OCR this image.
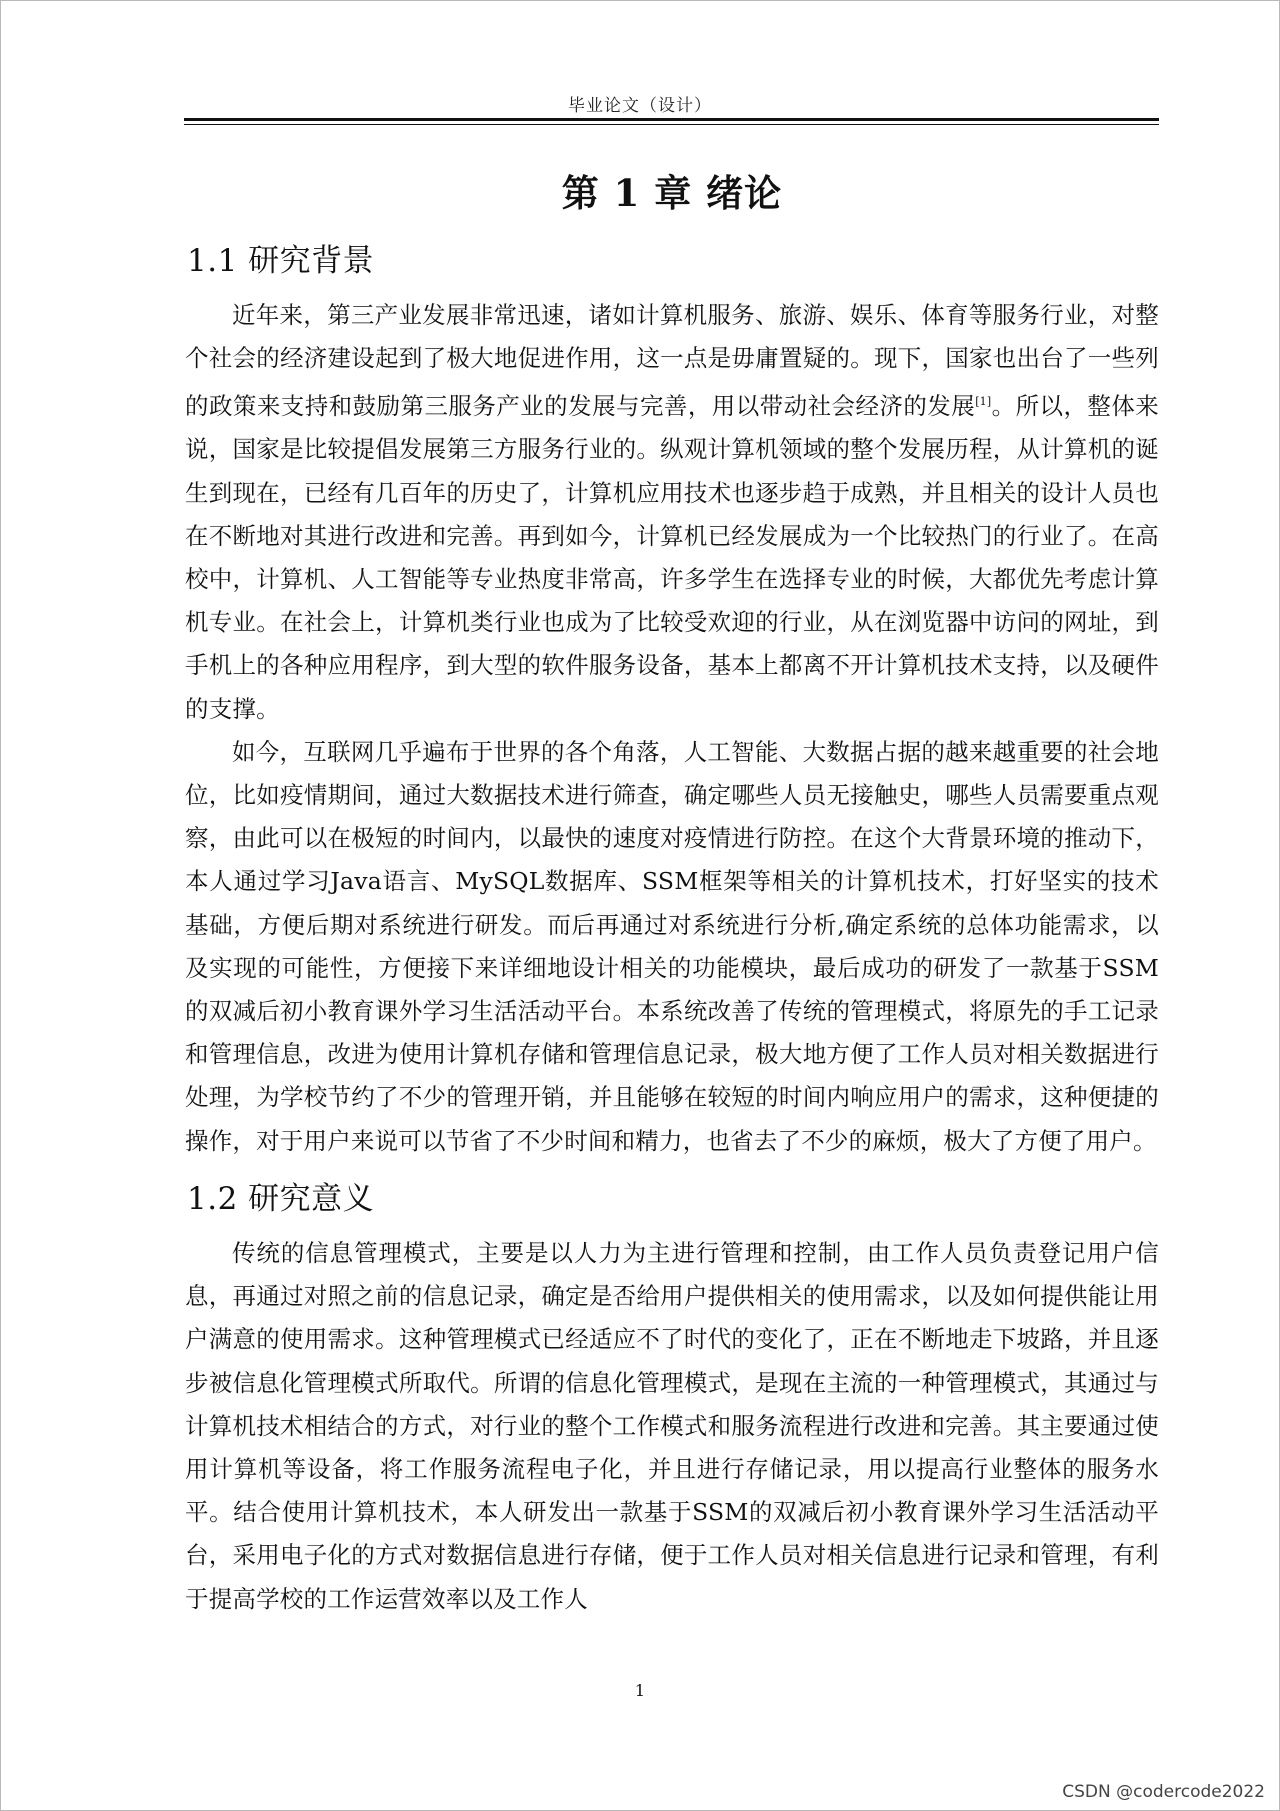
毕业论文（设计）
第 1 章 绪论
1.1 研究背景

近年来，第三产业发展非常迅速，诸如计算机服务、旅游、娱乐、体育等服务行业，对整个社会的经济建设起到了极大地促进作用，这一点是毋庸置疑的。现下，国家也出台了一些列的政策来支持和鼓励第三服务产业的发展与完善，用以带动社会经济的发展[1]。所以，整体来说，国家是比较提倡发展第三方服务行业的。纵观计算机领域的整个发展历程，从计算机的诞生到现在，已经有几百年的历史了，计算机应用技术也逐步趋于成熟，并且相关的设计人员也在不断地对其进行改进和完善。再到如今，计算机已经发展成为一个比较热门的行业了。在高校中，计算机、人工智能等专业热度非常高，许多学生在选择专业的时候，大都优先考虑计算机专业。在社会上，计算机类行业也成为了比较受欢迎的行业，从在浏览器中访问的网址，到手机上的各种应用程序，到大型的软件服务设备，基本上都离不开计算机技术支持，以及硬件的支撑。

如今，互联网几乎遍布于世界的各个角落，人工智能、大数据占据的越来越重要的社会地位，比如疫情期间，通过大数据技术进行筛查，确定哪些人员无接触史，哪些人员需要重点观察，由此可以在极短的时间内，以最快的速度对疫情进行防控。在这个大背景环境的推动下，本人通过学习Java语言、MySQL数据库、SSM框架等相关的计算机技术，打好坚实的技术基础，方便后期对系统进行研发。而后再通过对系统进行分析,确定系统的总体功能需求，以及实现的可能性，方便接下来详细地设计相关的功能模块，最后成功的研发了一款基于SSM的双减后初小教育课外学习生活活动平台。本系统改善了传统的管理模式，将原先的手工记录和管理信息，改进为使用计算机存储和管理信息记录，极大地方便了工作人员对相关数据进行处理，为学校节约了不少的管理开销，并且能够在较短的时间内响应用户的需求，这种便捷的操作，对于用户来说可以节省了不少时间和精力，也省去了不少的麻烦，极大了方便了用户。

1.2 研究意义

传统的信息管理模式，主要是以人力为主进行管理和控制，由工作人员负责登记用户信息，再通过对照之前的信息记录，确定是否给用户提供相关的使用需求，以及如何提供能让用户满意的使用需求。这种管理模式已经适应不了时代的变化了，正在不断地走下坡路，并且逐步被信息化管理模式所取代。所谓的信息化管理模式，是现在主流的一种管理模式，其通过与计算机技术相结合的方式，对行业的整个工作模式和服务流程进行改进和完善。其主要通过使用计算机等设备，将工作服务流程电子化，并且进行存储记录，用以提高行业整体的服务水平。结合使用计算机技术，本人研发出一款基于SSM的双减后初小教育课外学习生活活动平台，采用电子化的方式对数据信息进行存储，便于工作人员对相关信息进行记录和管理，有利于提高学校的工作运营效率以及工作人

1
CSDN @codercode2022
